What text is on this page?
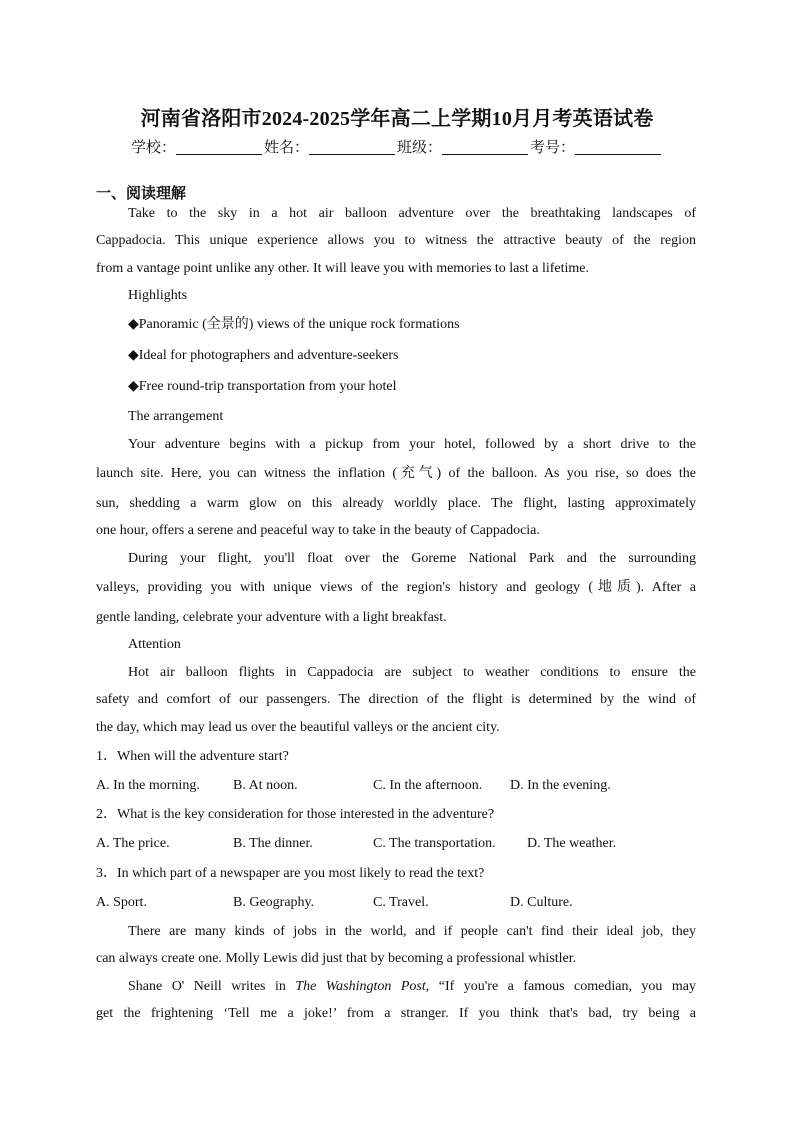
河南省洛阳市2024-2025学年高二上学期10月月考英语试卷
学校：	姓名：	班级：	考号：
一、阅读理解
Take to the sky in a hot air balloon adventure over the breathtaking landscapes of
Cappadocia. This unique experience allows you to witness the attractive beauty of the region
from a vantage point unlike any other. It will leave you with memories to last a lifetime.
Highlights
◆Panoramic (全景的) views of the unique rock formations
◆Ideal for photographers and adventure-seekers
◆Free round-trip transportation from your hotel
The arrangement
Your adventure begins with a pickup from your hotel, followed by a short drive to the
launch site. Here, you can witness the inflation (充气) of the balloon. As you rise, so does the
sun, shedding a warm glow on this already worldly place. The flight, lasting approximately
one hour, offers a serene and peaceful way to take in the beauty of Cappadocia.
During your flight, you'll float over the Goreme National Park and the surrounding
valleys, providing you with unique views of the region's history and geology (地质). After a
gentle landing, celebrate your adventure with a light breakfast.
Attention
Hot air balloon flights in Cappadocia are subject to weather conditions to ensure the
safety and comfort of our passengers. The direction of the flight is determined by the wind of
the day, which may lead us over the beautiful valleys or the ancient city.
1．When will the adventure start?
A. In the morning. B. At noon.	C. In the afternoon. D. In the evening.
2．What is the key consideration for those interested in the adventure?
A. The price.	B. The dinner.	C. The transportation. D. The weather.
3．In which part of a newspaper are you most likely to read the text?
A. Sport.	B. Geography.	C. Travel.	D. Culture.
There are many kinds of jobs in the world, and if people can't find their ideal job, they
can always create one. Molly Lewis did just that by becoming a professional whistler.
Shane O' Neill writes in The Washington Post, “If you're a famous comedian, you may
get the frightening ‘Tell me a joke!’ from a stranger. If you think that's bad, try being a
